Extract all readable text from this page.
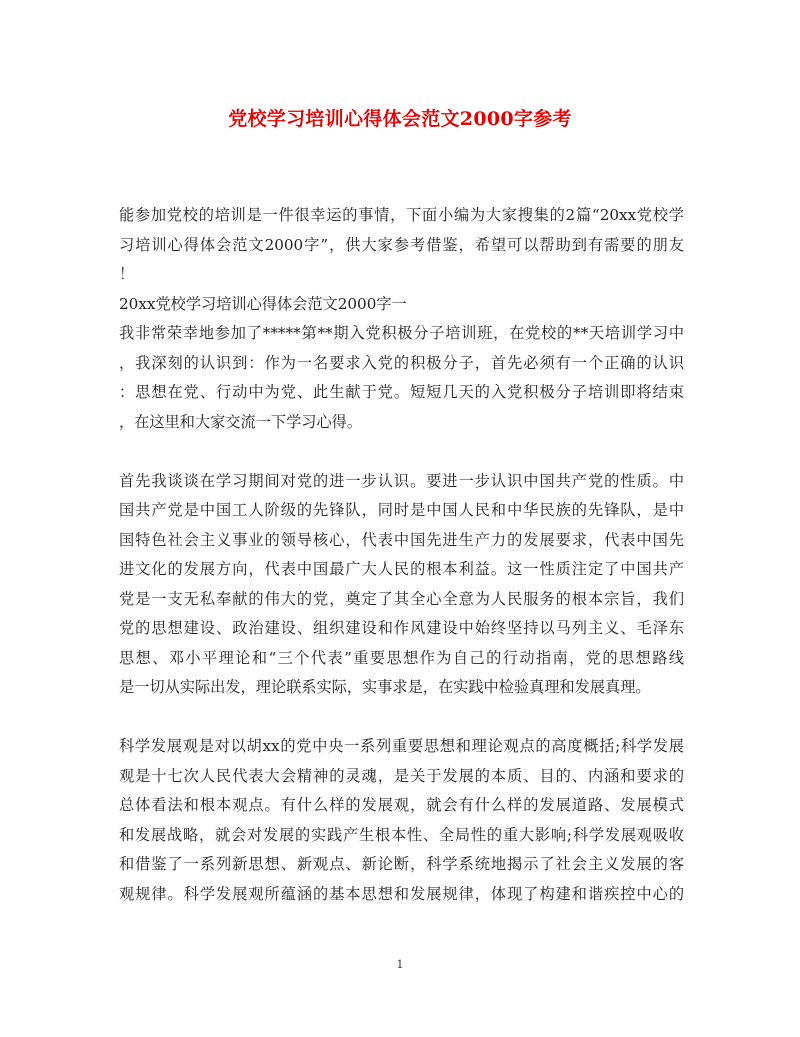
党校学习培训心得体会范文2000字参考
能参加党校的培训是一件很幸运的事情，下面小编为大家搜集的2篇“20xx党校学
习培训心得体会范文2000字”，供大家参考借鉴，希望可以帮助到有需要的朋友
！
20xx党校学习培训心得体会范文2000字一
我非常荣幸地参加了*****第**期入党积极分子培训班，在党校的**天培训学习中
，我深刻的认识到：作为一名要求入党的积极分子，首先必须有一个正确的认识
：思想在党、行动中为党、此生献于党。短短几天的入党积极分子培训即将结束
，在这里和大家交流一下学习心得。
首先我谈谈在学习期间对党的进一步认识。要进一步认识中国共产党的性质。中
国共产党是中国工人阶级的先锋队，同时是中国人民和中华民族的先锋队，是中
国特色社会主义事业的领导核心，代表中国先进生产力的发展要求，代表中国先
进文化的发展方向，代表中国最广大人民的根本利益。这一性质注定了中国共产
党是一支无私奉献的伟大的党，奠定了其全心全意为人民服务的根本宗旨，我们
党的思想建设、政治建设、组织建设和作风建设中始终坚持以马列主义、毛泽东
思想、邓小平理论和“三个代表”重要思想作为自己的行动指南，党的思想路线
是一切从实际出发，理论联系实际，实事求是，在实践中检验真理和发展真理。
科学发展观是对以胡xx的党中央一系列重要思想和理论观点的高度概括;科学发展
观是十七次人民代表大会精神的灵魂，是关于发展的本质、目的、内涵和要求的
总体看法和根本观点。有什么样的发展观，就会有什么样的发展道路、发展模式
和发展战略，就会对发展的实践产生根本性、全局性的重大影响;科学发展观吸收
和借鉴了一系列新思想、新观点、新论断，科学系统地揭示了社会主义发展的客
观规律。科学发展观所蕴涵的基本思想和发展规律，体现了构建和谐疾控中心的
1
